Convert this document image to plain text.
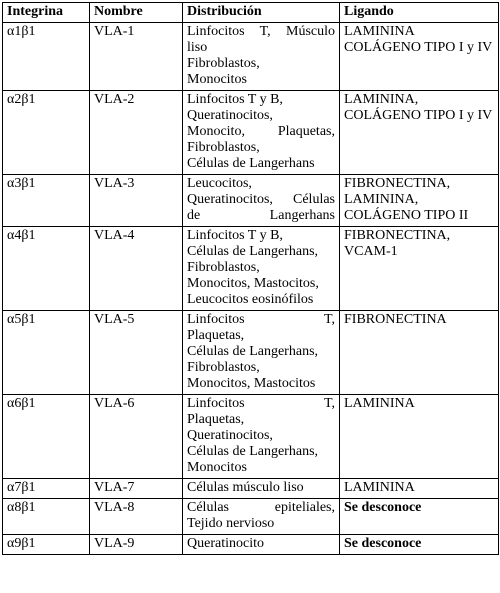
Integrina	Nombre	Distribución	Ligando
α1β1	VLA-1	Linfocitos T, Músculo liso
Fibroblastos,
Monocitos	LAMININA COLÁGENO TIPO I y IV
α2β1	VLA-2	Linfocitos T y B,
Queratinocitos,
Monocito, Plaquetas,
Fibroblastos,
Células de Langerhans	LAMININA, COLÁGENO TIPO I y IV
α3β1	VLA-3	Leucocitos,
Queratinocitos, Células de Langerhans	FIBRONECTINA, LAMININA, COLÁGENO TIPO II
α4β1	VLA-4	Linfocitos T y B,
Células de Langerhans,
Fibroblastos,
Monocitos, Mastocitos,
Leucocitos eosinófilos	FIBRONECTINA, VCAM-1
α5β1	VLA-5	Linfocitos T,
Plaquetas,
Células de Langerhans,
Fibroblastos,
Monocitos, Mastocitos	FIBRONECTINA
α6β1	VLA-6	Linfocitos T,
Plaquetas,
Queratinocitos,
Células de Langerhans,
Monocitos	LAMININA
α7β1	VLA-7	Células músculo liso	LAMININA
α8β1	VLA-8	Células epiteliales,
Tejido nervioso	Se desconoce
α9β1	VLA-9	Queratinocito	Se desconoce
